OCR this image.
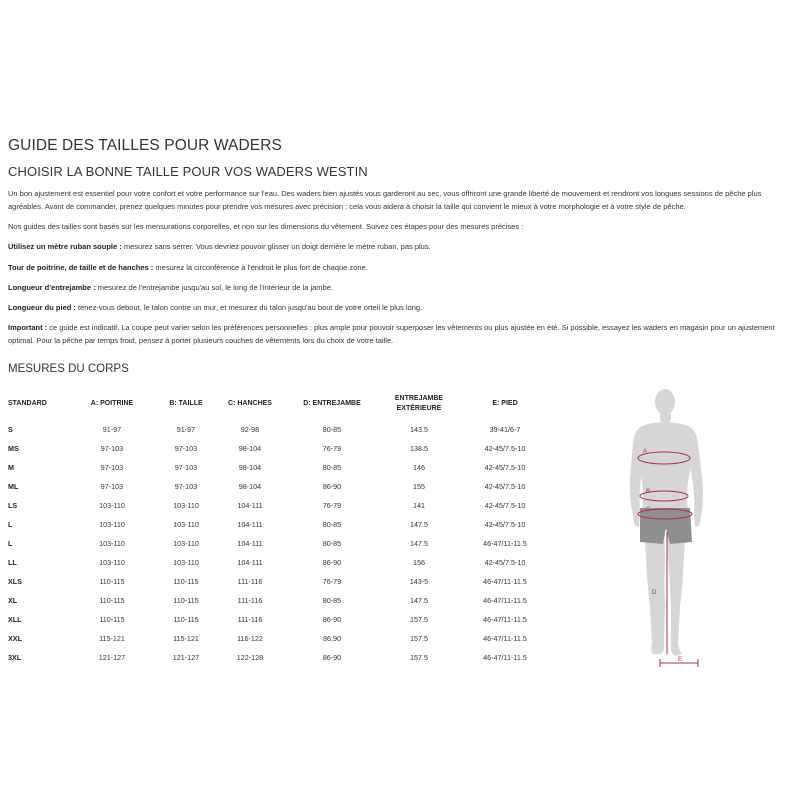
GUIDE DES TAILLES POUR WADERS
CHOISIR LA BONNE TAILLE POUR VOS WADERS WESTIN
Un bon ajustement est essentiel pour votre confort et votre performance sur l'eau. Des waders bien ajustés vous garderont au sec, vous offriront une grande liberté de mouvement et rendront vos longues sessions de pêche plus agréables. Avant de commander, prenez quelques minutes pour prendre vos mesures avec précision : cela vous aidera à choisir la taille qui convient le mieux à votre morphologie et à votre style de pêche.
Nos guides des tailles sont basés sur les mensurations corporelles, et non sur les dimensions du vêtement. Suivez ces étapes pour des mesures précises :
Utilisez un mètre ruban souple : mesurez sans serrer. Vous devriez pouvoir glisser un doigt derrière le mètre ruban, pas plus.
Tour de poitrine, de taille et de hanches : mesurez la circonférence à l'endroit le plus fort de chaque zone.
Longueur d'entrejambe : mesurez de l'entrejambe jusqu'au sol, le long de l'intérieur de la jambe.
Longueur du pied : tenez-vous debout, le talon contre un mur, et mesurez du talon jusqu'au bout de votre orteil le plus long.
Important : ce guide est indicatif. La coupe peut varier selon les préférences personnelles : plus ample pour pouvoir superposer les vêtements ou plus ajustée en été. Si possible, essayez les waders en magasin pour un ajustement optimal. Pour la pêche par temps froid, pensez à porter plusieurs couches de vêtements lors du choix de votre taille.
MESURES DU CORPS
STANDARD	A: POITRINE	B: TAILLE	C: HANCHES	D: ENTREJAMBE	ENTREJAMBE EXTÉRIEURE	E: PIED
S	91-97	91-97	92-98	80-85	143.5	39-41/6-7
MS	97-103	97-103	98-104	76-79	138.5	42-45/7.5-10
M	97-103	97-103	98-104	80-85	146	42-45/7.5-10
ML	97-103	97-103	98-104	86-90	155	42-45/7.5-10
LS	103-110	103-110	104-111	76-79	141	42-45/7.5-10
L	103-110	103-110	104-111	80-85	147.5	42-45/7.5-10
L	103-110	103-110	104-111	80-85	147.5	46-47/11-11.5
LL	103-110	103-110	104-111	86-90	156	42-45/7.5-10
XLS	110-115	110-115	111-116	76-79	143-5	46-47/11-11.5
XL	110-115	110-115	111-116	80-85	147.5	46-47/11-11.5
XLL	110-115	110-115	111-116	86-90	157.5	46-47/11-11.5
XXL	115-121	115-121	116-122	86,90	157.5	46-47/11-11.5
3XL	121-127	121-127	122-128	86-90	157.5	46-47/11-11.5
A
B
C
D
E
